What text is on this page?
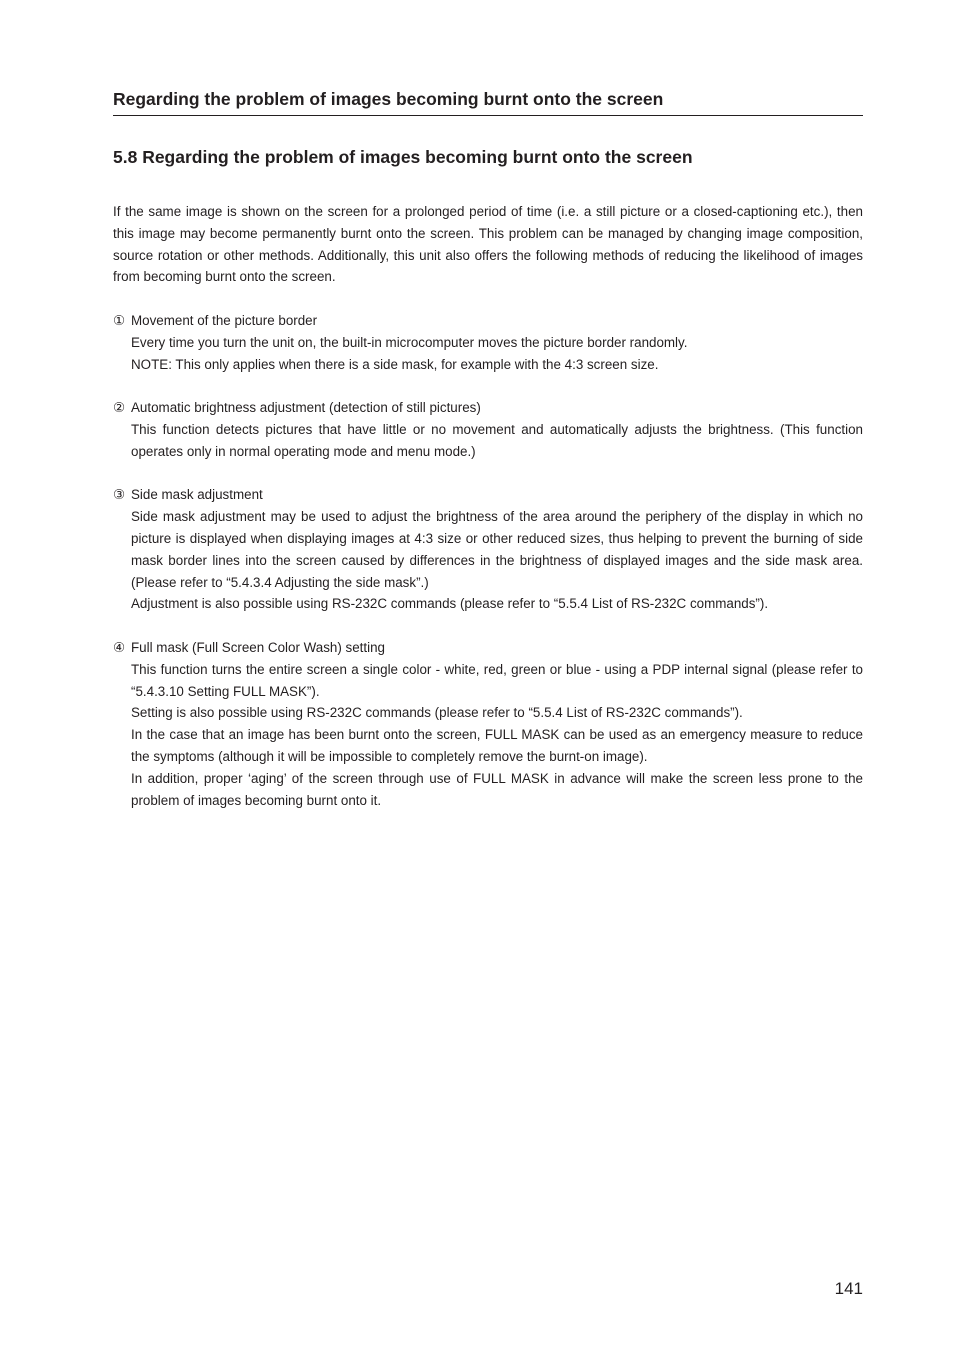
Regarding the problem of images becoming burnt onto the screen
5.8 Regarding the problem of images becoming burnt onto the screen

If the same image is shown on the screen for a prolonged period of time (i.e. a still picture or a closed-captioning etc.), then this image may become permanently burnt onto the screen. This problem can be managed by changing image composition, source rotation or other methods. Additionally, this unit also offers the following methods of reducing the likelihood of images from becoming burnt onto the screen.

① Movement of the picture border

Every time you turn the unit on, the built-in microcomputer moves the picture border randomly.

NOTE: This only applies when there is a side mask, for example with the 4:3 screen size.

② Automatic brightness adjustment (detection of still pictures)

This function detects pictures that have little or no movement and automatically adjusts the brightness. (This function operates only in normal operating mode and menu mode.)

③ Side mask adjustment

Side mask adjustment may be used to adjust the brightness of the area around the periphery of the display in which no picture is displayed when displaying images at 4:3 size or other reduced sizes, thus helping to prevent the burning of side mask border lines into the screen caused by differences in the brightness of displayed images and the side mask area. (Please refer to “5.4.3.4 Adjusting the side mask”.)

Adjustment is also possible using RS-232C commands (please refer to “5.5.4 List of RS-232C commands”).

④ Full mask (Full Screen Color Wash) setting

This function turns the entire screen a single color - white, red, green or blue - using a PDP internal signal (please refer to “5.4.3.10 Setting FULL MASK”).

Setting is also possible using RS-232C commands (please refer to “5.5.4 List of RS-232C commands”).

In the case that an image has been burnt onto the screen, FULL MASK can be used as an emergency measure to reduce the symptoms (although it will be impossible to completely remove the burnt-on image).

In addition, proper ‘aging’ of the screen through use of FULL MASK in advance will make the screen less prone to the problem of images becoming burnt onto it.

141
